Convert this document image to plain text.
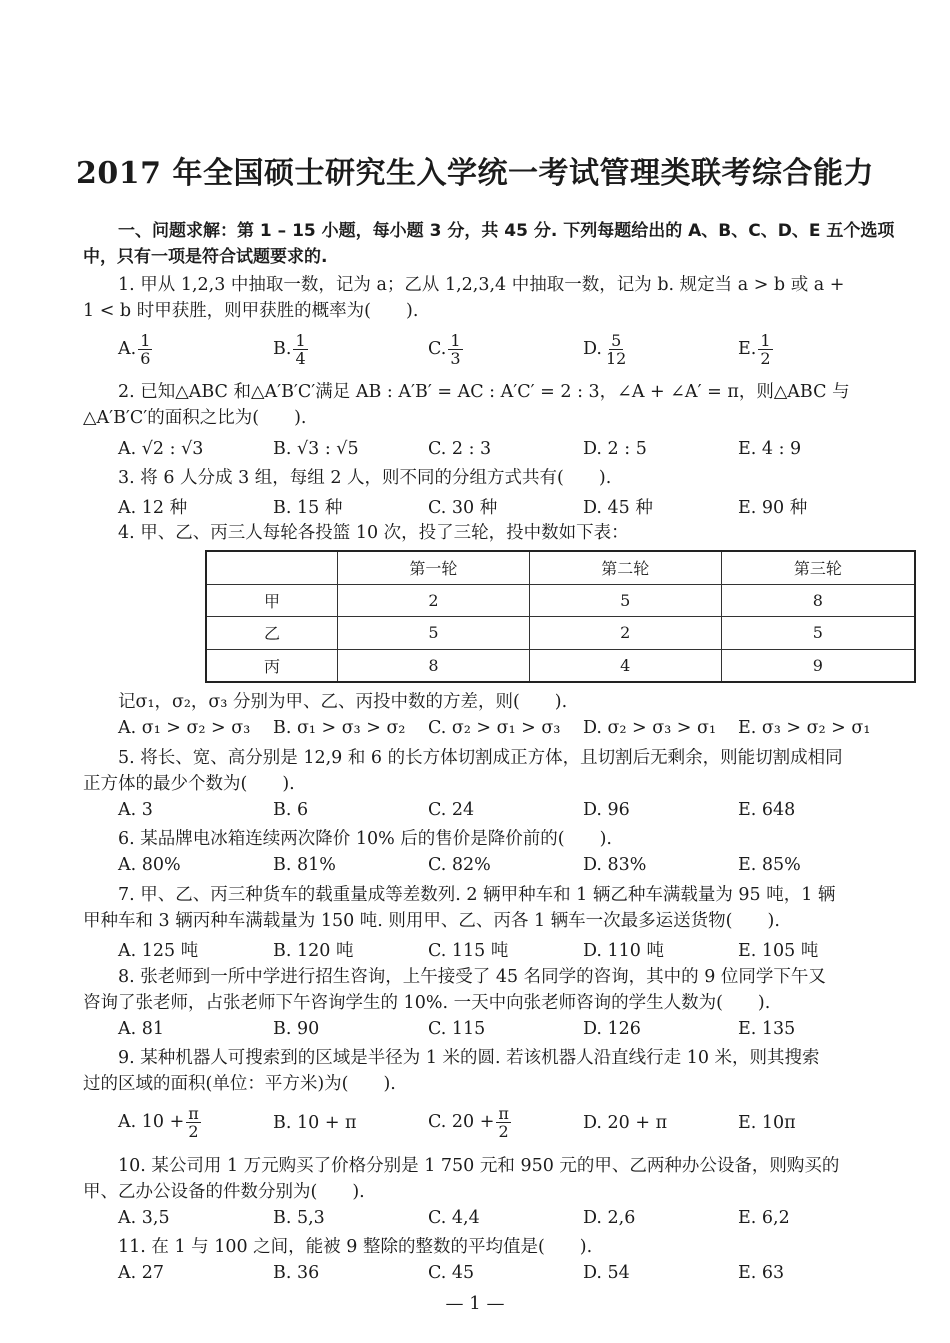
2017 年全国硕士研究生入学统一考试管理类联考综合能力
一、问题求解：第 1 – 15 小题，每小题 3 分，共 45 分. 下列每题给出的 A、B、C、D、E 五个选项
中，只有一项是符合试题要求的.
1. 甲从 1,2,3 中抽取一数，记为 a；乙从 1,2,3,4 中抽取一数，记为 b. 规定当 a > b 或 a +
1 < b 时甲获胜，则甲获胜的概率为(　　).
A. $\frac{1}{6}$	B. $\frac{1}{4}$	C. $\frac{1}{3}$	D. $\frac{5}{12}$	E. $\frac{1}{2}$
2. 已知△ABC 和△A′B′C′满足 AB : A′B′ = AC : A′C′ = 2 : 3，∠A + ∠A′ = π，则△ABC 与
△A′B′C′的面积之比为(　　).
A. √2 : √3	B. √3 : √5	C. 2 : 3	D. 2 : 5	E. 4 : 9
3. 将 6 人分成 3 组，每组 2 人，则不同的分组方式共有(　　).
A. 12 种	B. 15 种	C. 30 种	D. 45 种	E. 90 种
4. 甲、乙、丙三人每轮各投篮 10 次，投了三轮，投中数如下表：
	第一轮	第二轮	第三轮
甲	2	5	8
乙	5	2	5
丙	8	4	9
记σ₁，σ₂，σ₃ 分别为甲、乙、丙投中数的方差，则(　　).
A. σ₁ > σ₂ > σ₃ B. σ₁ > σ₃ > σ₂ C. σ₂ > σ₁ > σ₃ D. σ₂ > σ₃ > σ₁ E. σ₃ > σ₂ > σ₁
5. 将长、宽、高分别是 12,9 和 6 的长方体切割成正方体，且切割后无剩余，则能切割成相同
正方体的最少个数为(　　).
A. 3	B. 6	C. 24	D. 96	E. 648
6. 某品牌电冰箱连续两次降价 10% 后的售价是降价前的(　　).
A. 80%	B. 81%	C. 82%	D. 83%	E. 85%
7. 甲、乙、丙三种货车的载重量成等差数列. 2 辆甲种车和 1 辆乙种车满载量为 95 吨，1 辆
甲种车和 3 辆丙种车满载量为 150 吨. 则用甲、乙、丙各 1 辆车一次最多运送货物(　　).
A. 125 吨	B. 120 吨	C. 115 吨	D. 110 吨	E. 105 吨
8. 张老师到一所中学进行招生咨询，上午接受了 45 名同学的咨询，其中的 9 位同学下午又
咨询了张老师，占张老师下午咨询学生的 10%. 一天中向张老师咨询的学生人数为(　　).
A. 81	B. 90	C. 115	D. 126	E. 135
9. 某种机器人可搜索到的区域是半径为 1 米的圆. 若该机器人沿直线行走 10 米，则其搜索
过的区域的面积(单位：平方米)为(　　).
A. $10 + \frac{\pi}{2}$	B. 10 + π	C. $20 + \frac{\pi}{2}$	D. 20 + π	E. 10π
10. 某公司用 1 万元购买了价格分别是 1 750 元和 950 元的甲、乙两种办公设备，则购买的
甲、乙办公设备的件数分别为(　　).
A. 3,5	B. 5,3	C. 4,4	D. 2,6	E. 6,2
11. 在 1 与 100 之间，能被 9 整除的整数的平均值是(　　).
A. 27	B. 36	C. 45	D. 54	E. 63
— 1 —
